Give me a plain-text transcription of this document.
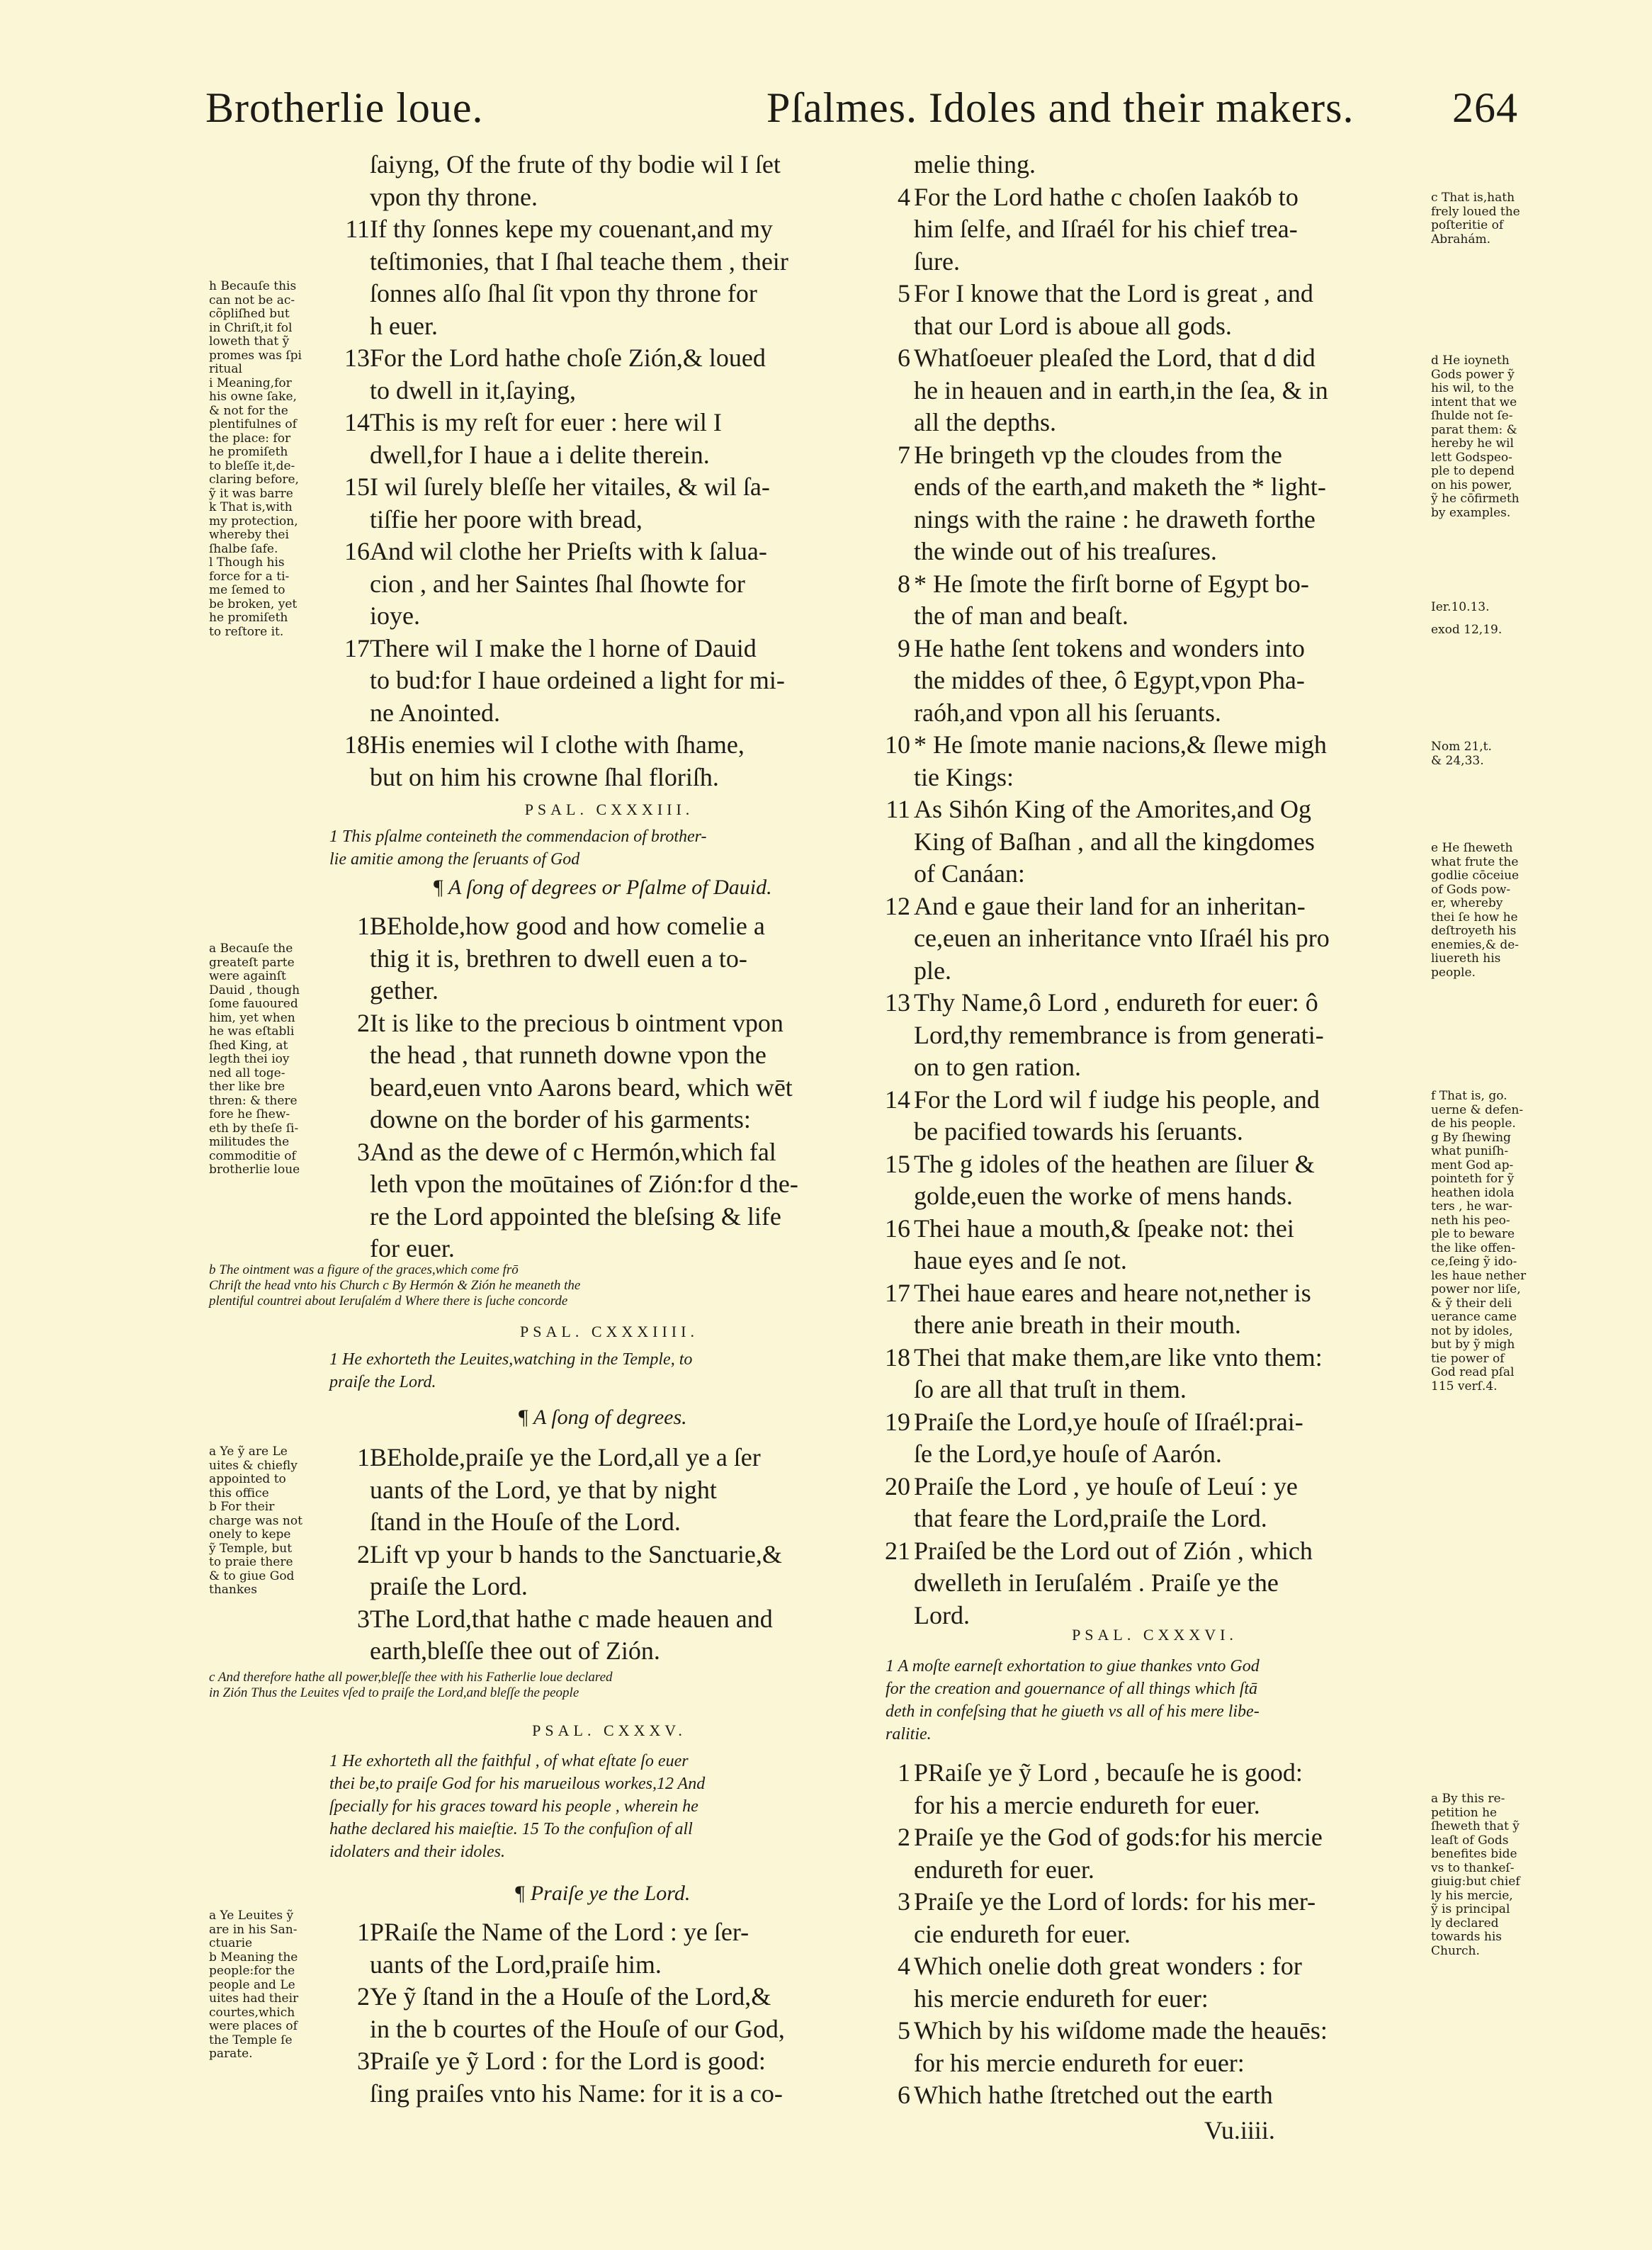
Brotherlie loue.	Pſalmes. Idoles and their makers. 264
h Becauſe this
can not be ac-
cõpliſhed but
in Chriſt,it fol
loweth that ỹ
promes was ſpi
ritual
i Meaning,for
his owne ſake,
& not for the
plentifulnes of
the place: for
he promiſeth
to bleſſe it,de-
claring before,
ỹ it was barre
k That is,with
my protection,
whereby thei
ſhalbe ſafe.
l Though his
force for a ti-
me ſemed to
be broken, yet
he promiſeth
to reſtore it.
a Becauſe the
greateſt parte
were againſt
Dauid , though
ſome fauoured
him, yet when
he was eſtabli
ſhed King, at
legth thei ioy
ned all toge-
ther like bre
thren: & there
fore he ſhew-
eth by theſe ſi-
militudes the
commoditie of
brotherlie loue
a Ye ỹ are Le
uites & chiefly
appointed to
this office
b For their
charge was not
onely to kepe
ỹ Temple, but
to praie there
& to giue God
thankes
a Ye Leuites ỹ
are in his San-
ctuarie
b Meaning the
people:for the
people and Le
uites had their
courtes,which
were places of
the Temple ſe
parate.

11

13

14

15

16

17

18

ſaiyng, Of the frute of thy bodie wil I ſet
vpon thy throne.
If thy ſonnes kepe my couenant,and my
teſtimonies, that I ſhal teache them , their
ſonnes alſo ſhal ſit vpon thy throne for
h euer.
For the Lord hathe choſe Zión,& loued
to dwell in it,ſaying,
This is my reſt for euer : here wil I
dwell,for I haue a i delite therein.
I wil ſurely bleſſe her vitailes, & wil ſa-
tiſfie her poore with bread,
And wil clothe her Prieſts with k ſalua-
cion , and her Saintes ſhal ſhowte for
ioye.
There wil I make the l horne of Dauid
to bud:for I haue ordeined a light for mi-
ne Anointed.
His enemies wil I clothe with ſhame,
but on him his crowne ſhal floriſh.
PSAL. CXXXIII.
1 This pſalme conteineth the commendacion of brother-
lie amitie among the ſeruants of God
¶ A ſong of degrees or Pſalme of Dauid.
1

2

3

BEholde,how good and how comelie a
thig it is, brethren to dwell euen a to-
gether.
It is like to the precious b ointment vpon
the head , that runneth downe vpon the
beard,euen vnto Aarons beard, which wēt
downe on the border of his garments:
And as the dewe of c Hermón,which fal
leth vpon the moūtaines of Zión:for d the-
re the Lord appointed the bleſsing & life
for euer.
b The ointment was a figure of the graces,which come frō
Chriſt the head vnto his Church c By Hermón & Zión he meaneth the
plentiful countrei about Ieruſalém d Where there is ſuche concorde
PSAL. CXXXIIII.
1 He exhorteth the Leuites,watching in the Temple, to
praiſe the Lord.
¶ A ſong of degrees.
1

2

3

BEholde,praiſe ye the Lord,all ye a ſer
uants of the Lord, ye that by night
ſtand in the Houſe of the Lord.
Lift vp your b hands to the Sanctuarie,&
praiſe the Lord.
The Lord,that hathe c made heauen and
earth,bleſſe thee out of Zión.
c And therefore hathe all power,bleſſe thee with his Fatherlie loue declared
in Zión Thus the Leuites vſed to praiſe the Lord,and bleſſe the people
PSAL. CXXXV.
1 He exhorteth all the faithful , of what eſtate ſo euer
thei be,to praiſe God for his marueilous workes,12 And
ſpecially for his graces toward his people , wherein he
hathe declared his maieſtie. 15 To the confuſion of all
idolaters and their idoles.
¶ Praiſe ye the Lord.
1

2

3

PRaiſe the Name of the Lord : ye ſer-
uants of the Lord,praiſe him.
Ye ỹ ſtand in the a Houſe of the Lord,&
in the b courtes of the Houſe of our God,
Praiſe ye ỹ Lord : for the Lord is good:
ſing praiſes vnto his Name: for it is a co-

4

5

6

7

8

9

10

11

12

13

14

15

16

17

18

19

20

21

melie thing.
For the Lord hathe c choſen Iaakób to
him ſelfe, and Iſraél for his chief trea-
ſure.
For I knowe that the Lord is great , and
that our Lord is aboue all gods.
Whatſoeuer pleaſed the Lord, that d did
he in heauen and in earth,in the ſea, & in
all the depths.
He bringeth vp the cloudes from the
ends of the earth,and maketh the * light-
nings with the raine : he draweth forthe
the winde out of his treaſures.
* He ſmote the firſt borne of Egypt bo-
the of man and beaſt.
He hathe ſent tokens and wonders into
the middes of thee, ô Egypt,vpon Pha-
raóh,and vpon all his ſeruants.
* He ſmote manie nacions,& ſlewe migh
tie Kings:
As Sihón King of the Amorites,and Og
King of Baſhan , and all the kingdomes
of Canáan:
And e gaue their land for an inheritan-
ce,euen an inheritance vnto Iſraél his pro
ple.
Thy Name,ô Lord , endureth for euer: ô
Lord,thy remembrance is from generati-
on to gen ration.
For the Lord wil f iudge his people, and
be pacified towards his ſeruants.
The g idoles of the heathen are ſiluer &
golde,euen the worke of mens hands.
Thei haue a mouth,& ſpeake not: thei
haue eyes and ſe not.
Thei haue eares and heare not,nether is
there anie breath in their mouth.
Thei that make them,are like vnto them:
ſo are all that truſt in them.
Praiſe the Lord,ye houſe of Iſraél:prai-
ſe the Lord,ye houſe of Aarón.
Praiſe the Lord , ye houſe of Leuí : ye
that feare the Lord,praiſe the Lord.
Praiſed be the Lord out of Zión , which
dwelleth in Ieruſalém . Praiſe ye the
Lord.
PSAL. CXXXVI.
1 A moſte earneſt exhortation to giue thankes vnto God
for the creation and gouernance of all things which ſtā
deth in confeſsing that he giueth vs all of his mere libe-
ralitie.
1

2

3

4

5

6
PRaiſe ye ỹ Lord , becauſe he is good:
for his a mercie endureth for euer.
Praiſe ye the God of gods:for his mercie
endureth for euer.
Praiſe ye the Lord of lords: for his mer-
cie endureth for euer.
Which onelie doth great wonders : for
his mercie endureth for euer:
Which by his wiſdome made the heauēs:
for his mercie endureth for euer:
Which hathe ſtretched out the earth
Vu.iiii.
c That is,hath
frely loued the
poſteritie of
Abrahám.
d He ioyneth
Gods power ỹ
his wil, to the
intent that we
ſhulde not ſe-
parat them: &
hereby he wil
lett Godspeo-
ple to depend
on his power,
ỹ he cōfirmeth
by examples.
Ier.10.13.
exod 12,19.
Nom 21,t.
& 24,33.
e He ſheweth
what frute the
godlie cōceiue
of Gods pow-
er, whereby
thei ſe how he
deſtroyeth his
enemies,& de-
liuereth his
people.
f That is, go.
uerne & defen-
de his people.
g By ſhewing
what puniſh-
ment God ap-
pointeth for ỹ
heathen idola
ters , he war-
neth his peo-
ple to beware
the like offen-
ce,ſeing ỹ ido-
les haue nether
power nor liſe,
& ỹ their deli
uerance came
not by idoles,
but by ỹ migh
tie power of
God read pſal
115 verſ.4.
a By this re-
petition he
ſheweth that ỹ
leaſt of Gods
benefites bide
vs to thankeſ-
giuig:but chief
ly his mercie,
ỹ is principal
ly declared
towards his
Church.
